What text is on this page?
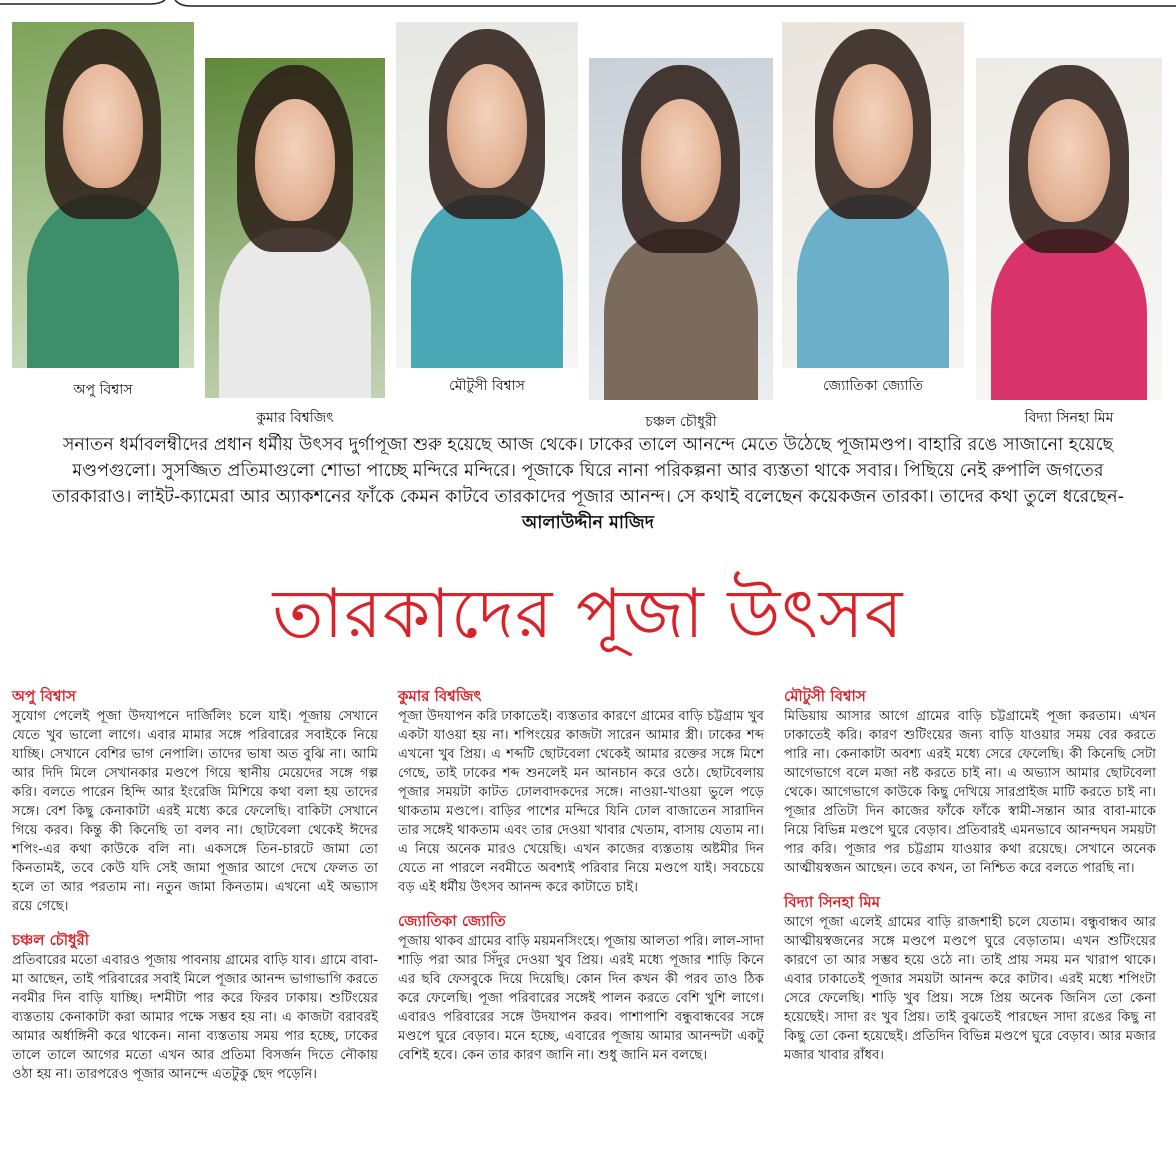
অপু বিশ্বাস
কুমার বিশ্বজিৎ
মৌটুসী বিশ্বাস
চঞ্চল চৌধুরী
জ্যোতিকা জ্যোতি
বিদ্যা সিনহা মিম
সনাতন ধর্মাবলম্বীদের প্রধান ধর্মীয় উৎসব দুর্গাপূজা শুরু হয়েছে আজ থেকে। ঢাকের তালে আনন্দে মেতে উঠেছে পূজামণ্ডপ। বাহারি রঙে সাজানো হয়েছে মণ্ডপগুলো। সুসজ্জিত প্রতিমাগুলো শোভা পাচ্ছে মন্দিরে মন্দিরে। পূজাকে ঘিরে নানা পরিকল্পনা আর ব্যস্ততা থাকে সবার। পিছিয়ে নেই রুপালি জগতের তারকারাও। লাইট-ক্যামেরা আর অ্যাকশনের ফাঁকে কেমন কাটবে তারকাদের পূজার আনন্দ। সে কথাই বলেছেন কয়েকজন তারকা। তাদের কথা তুলে ধরেছেন-আলাউদ্দীন মাজিদ
তারকাদের পূজা উৎসব

অপু বিশ্বাস
সুযোগ পেলেই পূজা উদযাপনে দার্জিলিং চলে যাই। পূজায় সেখানে যেতে খুব ভালো লাগে। এবার মামার সঙ্গে পরিবারের সবাইকে নিয়ে যাচ্ছি। সেখানে বেশির ভাগ নেপালি। তাদের ভাষা অত বুঝি না। আমি আর দিদি মিলে সেখানকার মণ্ডপে গিয়ে স্থানীয় মেয়েদের সঙ্গে গল্প করি। বলতে পারেন হিন্দি আর ইংরেজি মিশিয়ে কথা বলা হয় তাদের সঙ্গে। বেশ কিছু কেনাকাটা এরই মধ্যে করে ফেলেছি। বাকিটা সেখানে গিয়ে করব। কিন্তু কী কিনেছি তা বলব না। ছোটবেলা থেকেই ঈদের শপিং-এর কথা কাউকে বলি না। একসঙ্গে তিন-চারটে জামা তো কিনতামই, তবে কেউ যদি সেই জামা পূজার আগে দেখে ফেলত তা হলে তা আর পরতাম না। নতুন জামা কিনতাম। এখনো এই অভ্যাস রয়ে গেছে।

চঞ্চল চৌধুরী
প্রতিবারের মতো এবারও পূজায় পাবনায় গ্রামের বাড়ি যাব। গ্রামে বাবা-মা আছেন, তাই পরিবারের সবাই মিলে পূজার আনন্দ ভাগাভাগি করতে নবমীর দিন বাড়ি যাচ্ছি। দশমীটা পার করে ফিরব ঢাকায়। শুটিংয়ের ব্যস্ততায় কেনাকাটা করা আমার পক্ষে সম্ভব হয় না। এ কাজটা বরাবরই আমার অর্ধাঙ্গিনী করে থাকেন। নানা ব্যস্ততায় সময় পার হচ্ছে, ঢাকের তালে তালে আগের মতো এখন আর প্রতিমা বিসর্জন দিতে নৌকায় ওঠা হয় না। তারপরেও পূজার আনন্দে এতটুকু ছেদ পড়েনি।

কুমার বিশ্বজিৎ
পূজা উদযাপন করি ঢাকাতেই। ব্যস্ততার কারণে গ্রামের বাড়ি চট্টগ্রাম খুব একটা যাওয়া হয় না। শপিংয়ের কাজটা সারেন আমার স্ত্রী। ঢাকের শব্দ এখনো খুব প্রিয়। এ শব্দটি ছোটবেলা থেকেই আমার রক্তের সঙ্গে মিশে গেছে, তাই ঢাকের শব্দ শুনলেই মন আনচান করে ওঠে। ছোটবেলায় পূজার সময়টা কাটত ঢোলবাদকদের সঙ্গে। নাওয়া-খাওয়া ভুলে পড়ে থাকতাম মণ্ডপে। বাড়ির পাশের মন্দিরে যিনি ঢোল বাজাতেন সারাদিন তার সঙ্গেই থাকতাম এবং তার দেওয়া খাবার খেতাম, বাসায় যেতাম না। এ নিয়ে অনেক মারও খেয়েছি। এখন কাজের ব্যস্ততায় অষ্টমীর দিন যেতে না পারলে নবমীতে অবশ্যই পরিবার নিয়ে মণ্ডপে যাই। সবচেয়ে বড় এই ধর্মীয় উৎসব আনন্দ করে কাটাতে চাই।

জ্যোতিকা জ্যোতি
পূজায় থাকব গ্রামের বাড়ি ময়মনসিংহে। পূজায় আলতা পরি। লাল-সাদা শাড়ি পরা আর সিঁদুর দেওয়া খুব প্রিয়। এরই মধ্যে পূজার শাড়ি কিনে এর ছবি ফেসবুকে দিয়ে দিয়েছি। কোন দিন কখন কী পরব তাও ঠিক করে ফেলেছি। পূজা পরিবারের সঙ্গেই পালন করতে বেশি খুশি লাগে। এবারও পরিবারের সঙ্গে উদযাপন করব। পাশাপাশি বন্ধুবান্ধবের সঙ্গে মণ্ডপে ঘুরে বেড়াব। মনে হচ্ছে, এবারের পূজায় আমার আনন্দটা একটু বেশিই হবে। কেন তার কারণ জানি না। শুধু জানি মন বলছে।

মৌটুসী বিশ্বাস
মিডিয়ায় আসার আগে গ্রামের বাড়ি চট্টগ্রামেই পূজা করতাম। এখন ঢাকাতেই করি। কারণ শুটিংয়ের জন্য বাড়ি যাওয়ার সময় বের করতে পারি না। কেনাকাটা অবশ্য এরই মধ্যে সেরে ফেলেছি। কী কিনেছি সেটা আগেভাগে বলে মজা নষ্ট করতে চাই না। এ অভ্যাস আমার ছোটবেলা থেকে। আগেভাগে কাউকে কিছু দেখিয়ে সারপ্রাইজ মাটি করতে চাই না। পূজার প্রতিটা দিন কাজের ফাঁকে ফাঁকে স্বামী-সন্তান আর বাবা-মাকে নিয়ে বিভিন্ন মণ্ডপে ঘুরে বেড়াব। প্রতিবারই এমনভাবে আনন্দঘন সময়টা পার করি। পূজার পর চট্টগ্রাম যাওয়ার কথা রয়েছে। সেখানে অনেক আত্মীয়স্বজন আছেন। তবে কখন, তা নিশ্চিত করে বলতে পারছি না।

বিদ্যা সিনহা মিম
আগে পূজা এলেই গ্রামের বাড়ি রাজশাহী চলে যেতাম। বন্ধুবান্ধব আর আত্মীয়স্বজনের সঙ্গে মণ্ডপে মণ্ডপে ঘুরে বেড়াতাম। এখন শুটিংয়ের কারণে তা আর সম্ভব হয়ে ওঠে না। তাই প্রায় সময় মন খারাপ থাকে। এবার ঢাকাতেই পূজার সময়টা আনন্দ করে কাটাব। এরই মধ্যে শপিংটা সেরে ফেলেছি। শাড়ি খুব প্রিয়। সঙ্গে প্রিয় অনেক জিনিস তো কেনা হয়েছেই। সাদা রং খুব প্রিয়। তাই বুঝতেই পারছেন সাদা রঙের কিছু না কিছু তো কেনা হয়েছেই। প্রতিদিন বিভিন্ন মণ্ডপে ঘুরে বেড়াব। আর মজার মজার খাবার রাঁধব।
